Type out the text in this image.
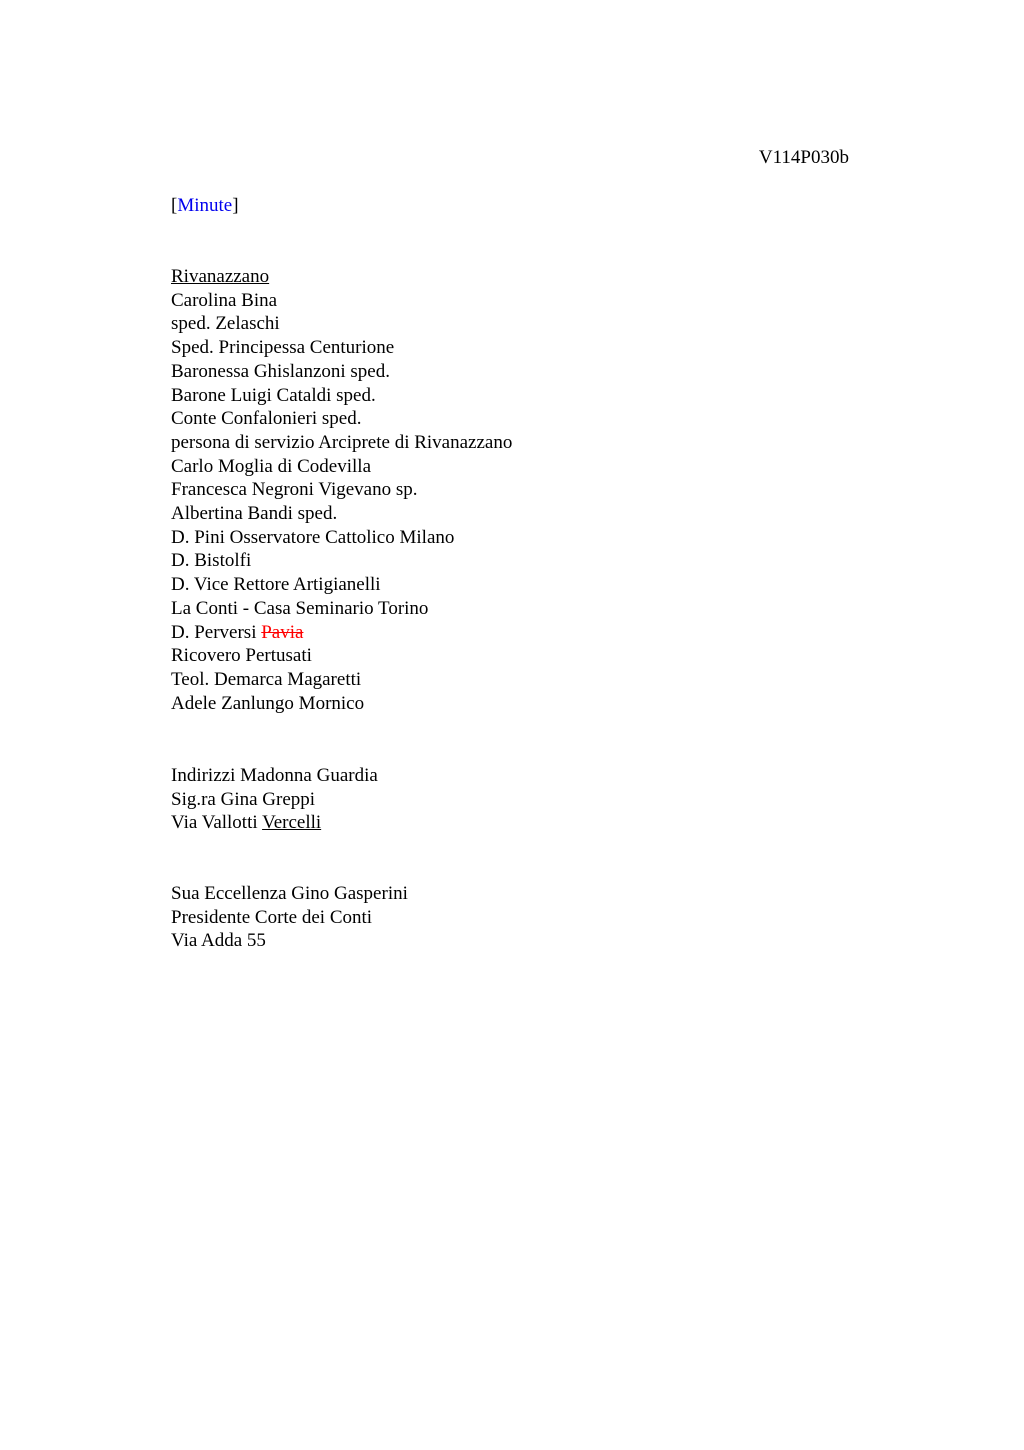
V114P030b
[Minute]
Rivanazzano
Carolina Bina
sped. Zelaschi
Sped. Principessa Centurione
Baronessa Ghislanzoni sped.
Barone Luigi Cataldi sped.
Conte Confalonieri sped.
persona di servizio Arciprete di Rivanazzano
Carlo Moglia di Codevilla
Francesca Negroni Vigevano sp.
Albertina Bandi sped.
D. Pini Osservatore Cattolico Milano
D. Bistolfi
D. Vice Rettore Artigianelli
La Conti - Casa Seminario Torino
D. Perversi Pavia
Ricovero Pertusati
Teol. Demarca Magaretti
Adele Zanlungo Mornico
Indirizzi Madonna Guardia
Sig.ra Gina Greppi
Via Vallotti Vercelli
Sua Eccellenza Gino Gasperini
Presidente Corte dei Conti
Via Adda 55
